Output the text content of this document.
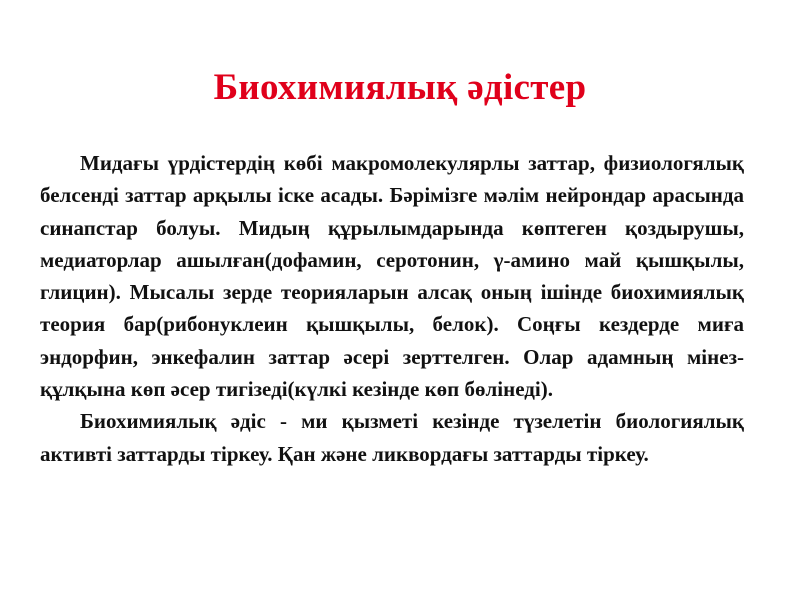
Биохимиялық әдістер

Мидағы үрдістердің көбі макромолекулярлы заттар, физиологялық белсенді заттар арқылы іске асады. Бәрімізге мәлім нейрондар арасында синапстар болуы. Мидың құрылымдарында көптеген қоздырушы, медиаторлар ашылған(дофамин, серотонин, γ-амино май қышқылы, глицин). Мысалы зерде теорияларын алсақ оның ішінде биохимиялық теория бар(рибонуклеин қышқылы, белок). Соңғы кездерде миға эндорфин, энкефалин заттар әсері зерттелген. Олар адамның мінез-құлқына көп әсер тигізеді(күлкі кезінде көп бөлінеді).

Биохимиялық әдіс - ми қызметі кезінде түзелетін биологиялық активті заттарды тіркеу. Қан және ликвордағы заттарды тіркеу.
